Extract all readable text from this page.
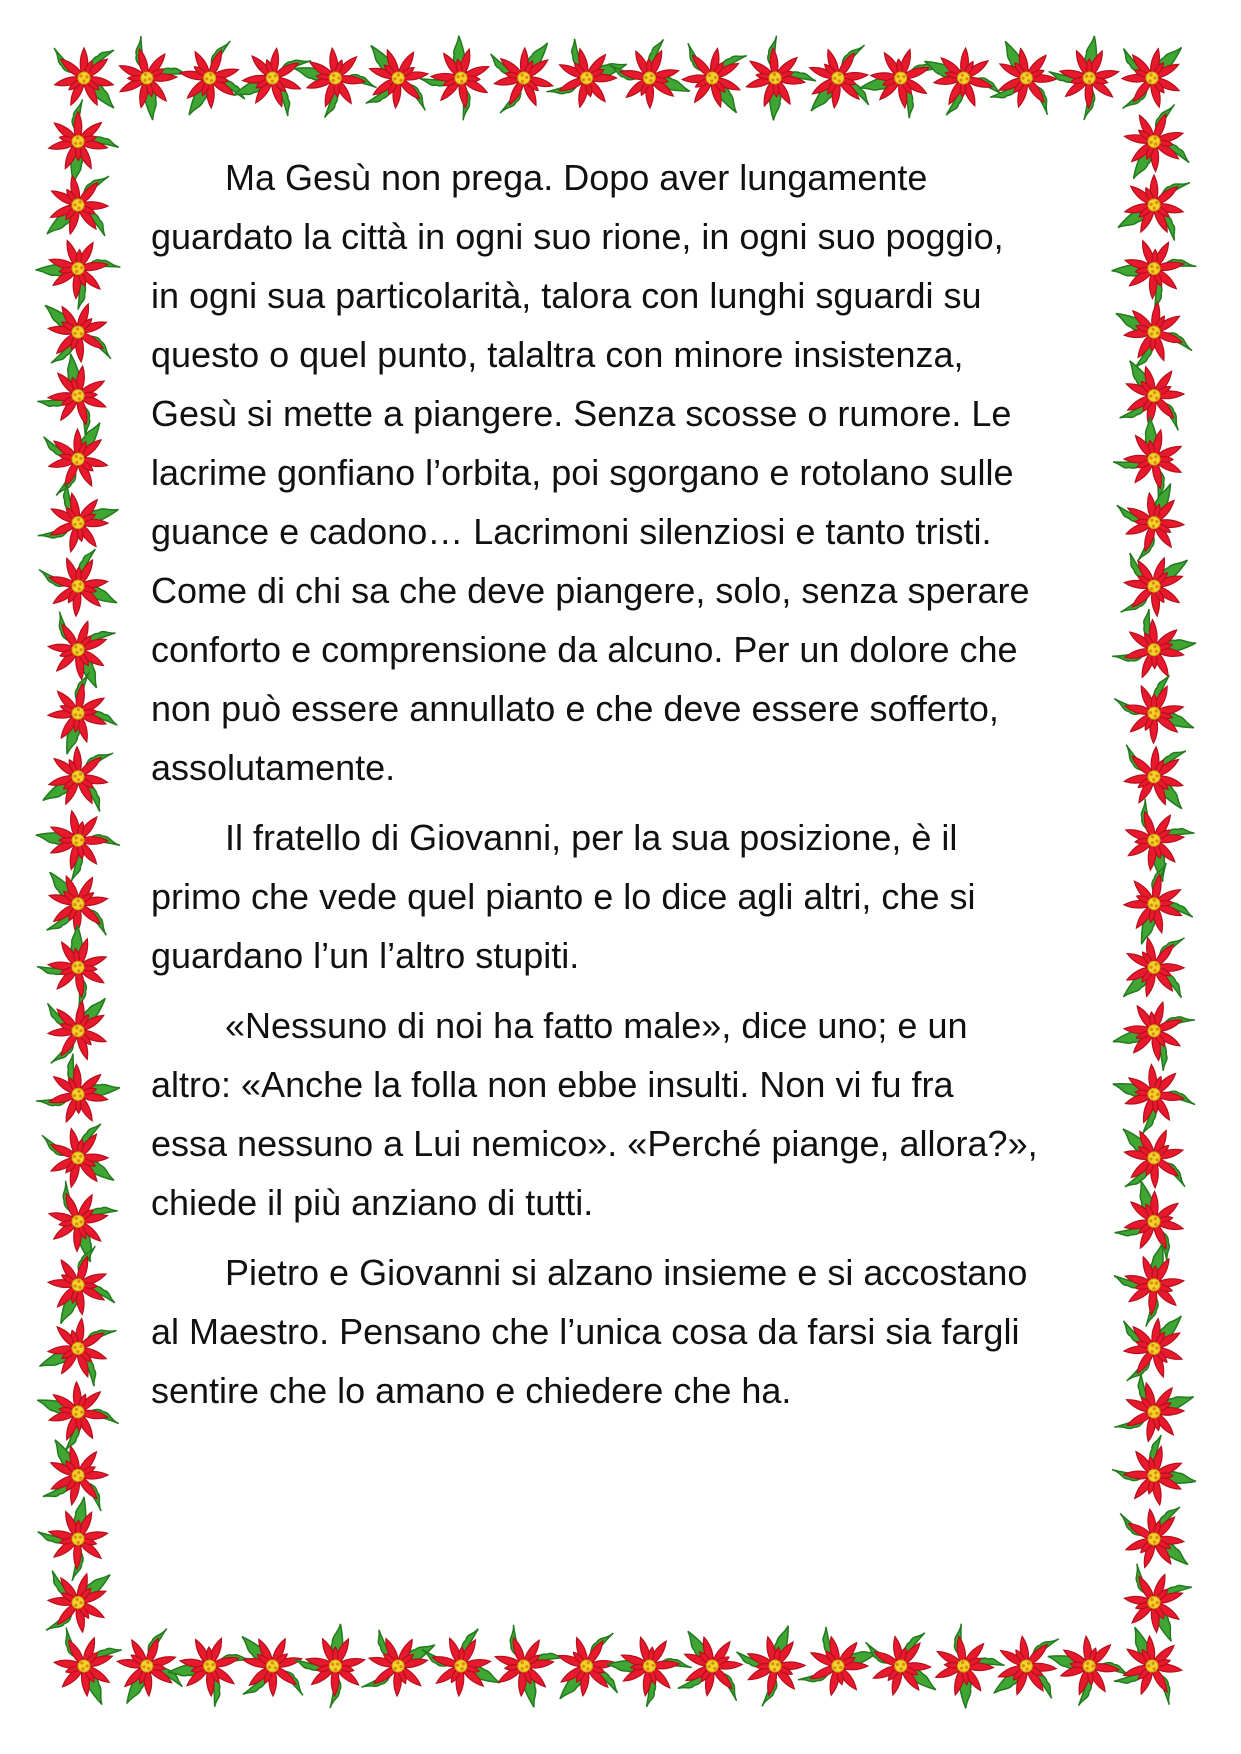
Ma Gesù non prega. Dopo aver lungamente
guardato la città in ogni suo rione, in ogni suo poggio,
in ogni sua particolarità, talora con lunghi sguardi su
questo o quel punto, talaltra con minore insistenza,
Gesù si mette a piangere. Senza scosse o rumore. Le
lacrime gonfiano l’orbita, poi sgorgano e rotolano sulle
guance e cadono… Lacrimoni silenziosi e tanto tristi.
Come di chi sa che deve piangere, solo, senza sperare
conforto e comprensione da alcuno. Per un dolore che
non può essere annullato e che deve essere sofferto,
assolutamente.

Il fratello di Giovanni, per la sua posizione, è il
primo che vede quel pianto e lo dice agli altri, che si
guardano l’un l’altro stupiti.

«Nessuno di noi ha fatto male», dice uno; e un
altro: «Anche la folla non ebbe insulti. Non vi fu fra
essa nessuno a Lui nemico». «Perché piange, allora?»,
chiede il più anziano di tutti.

Pietro e Giovanni si alzano insieme e si accostano
al Maestro. Pensano che l’unica cosa da farsi sia fargli
sentire che lo amano e chiedere che ha.
